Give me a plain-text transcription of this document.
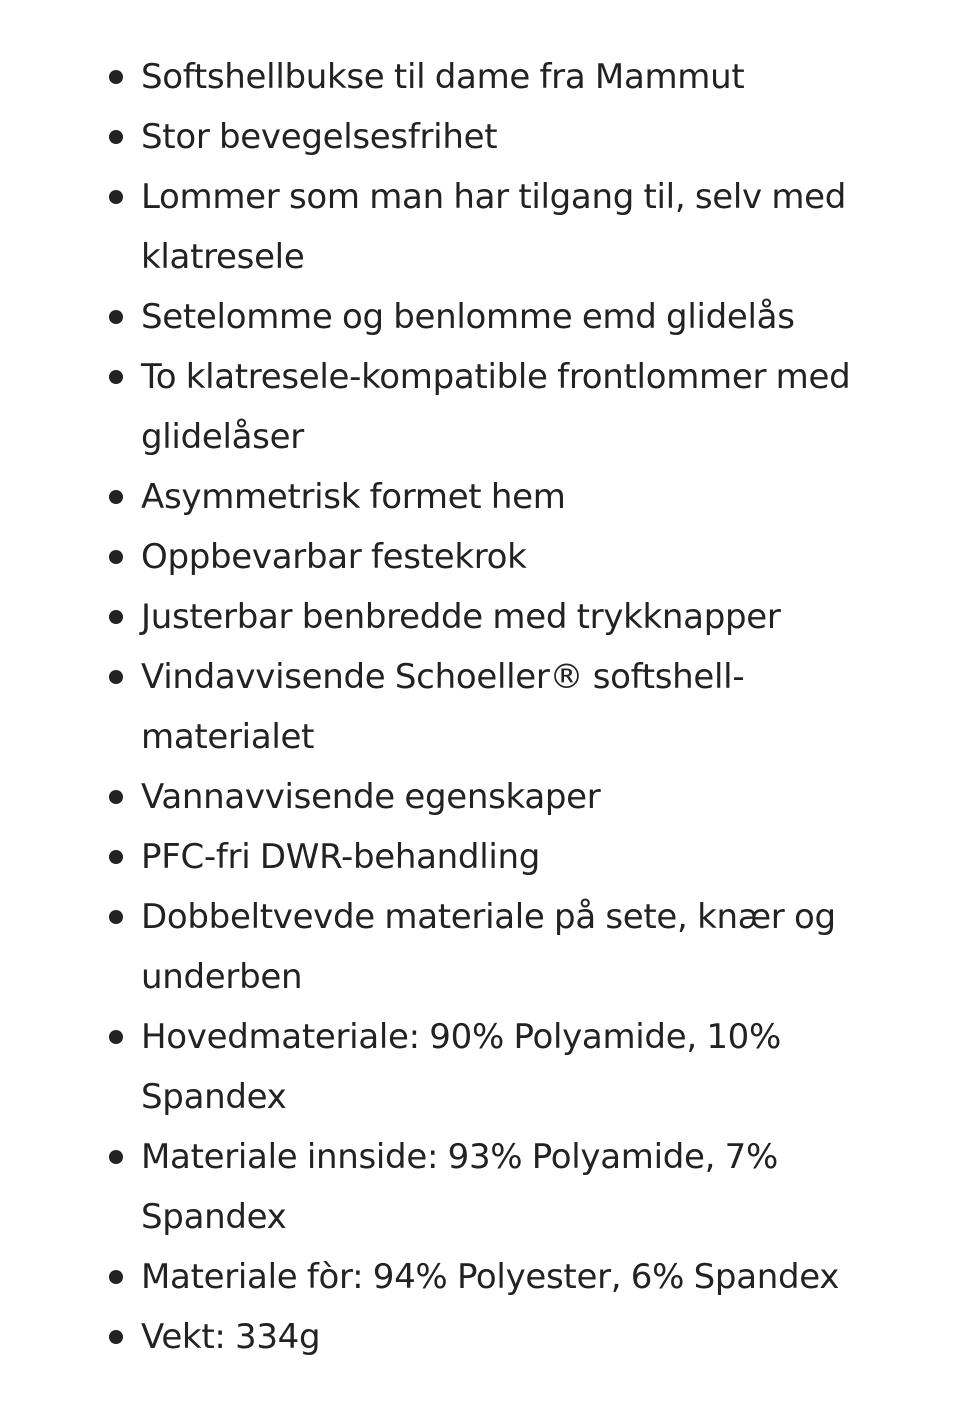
Softshellbukse til dame fra Mammut
Stor bevegelsesfrihet
Lommer som man har tilgang til, selv med klatresele
Setelomme og benlomme emd glidelås
To klatresele-kompatible frontlommer med glidelåser
Asymmetrisk formet hem
Oppbevarbar festekrok
Justerbar benbredde med trykknapper
Vindavvisende Schoeller® softshell-materialet
Vannavvisende egenskaper
PFC-fri DWR-behandling
Dobbeltvevde materiale på sete, knær og underben
Hovedmateriale: 90% Polyamide, 10% Spandex
Materiale innside: 93% Polyamide, 7% Spandex
Materiale fòr: 94% Polyester, 6% Spandex
Vekt: 334g
